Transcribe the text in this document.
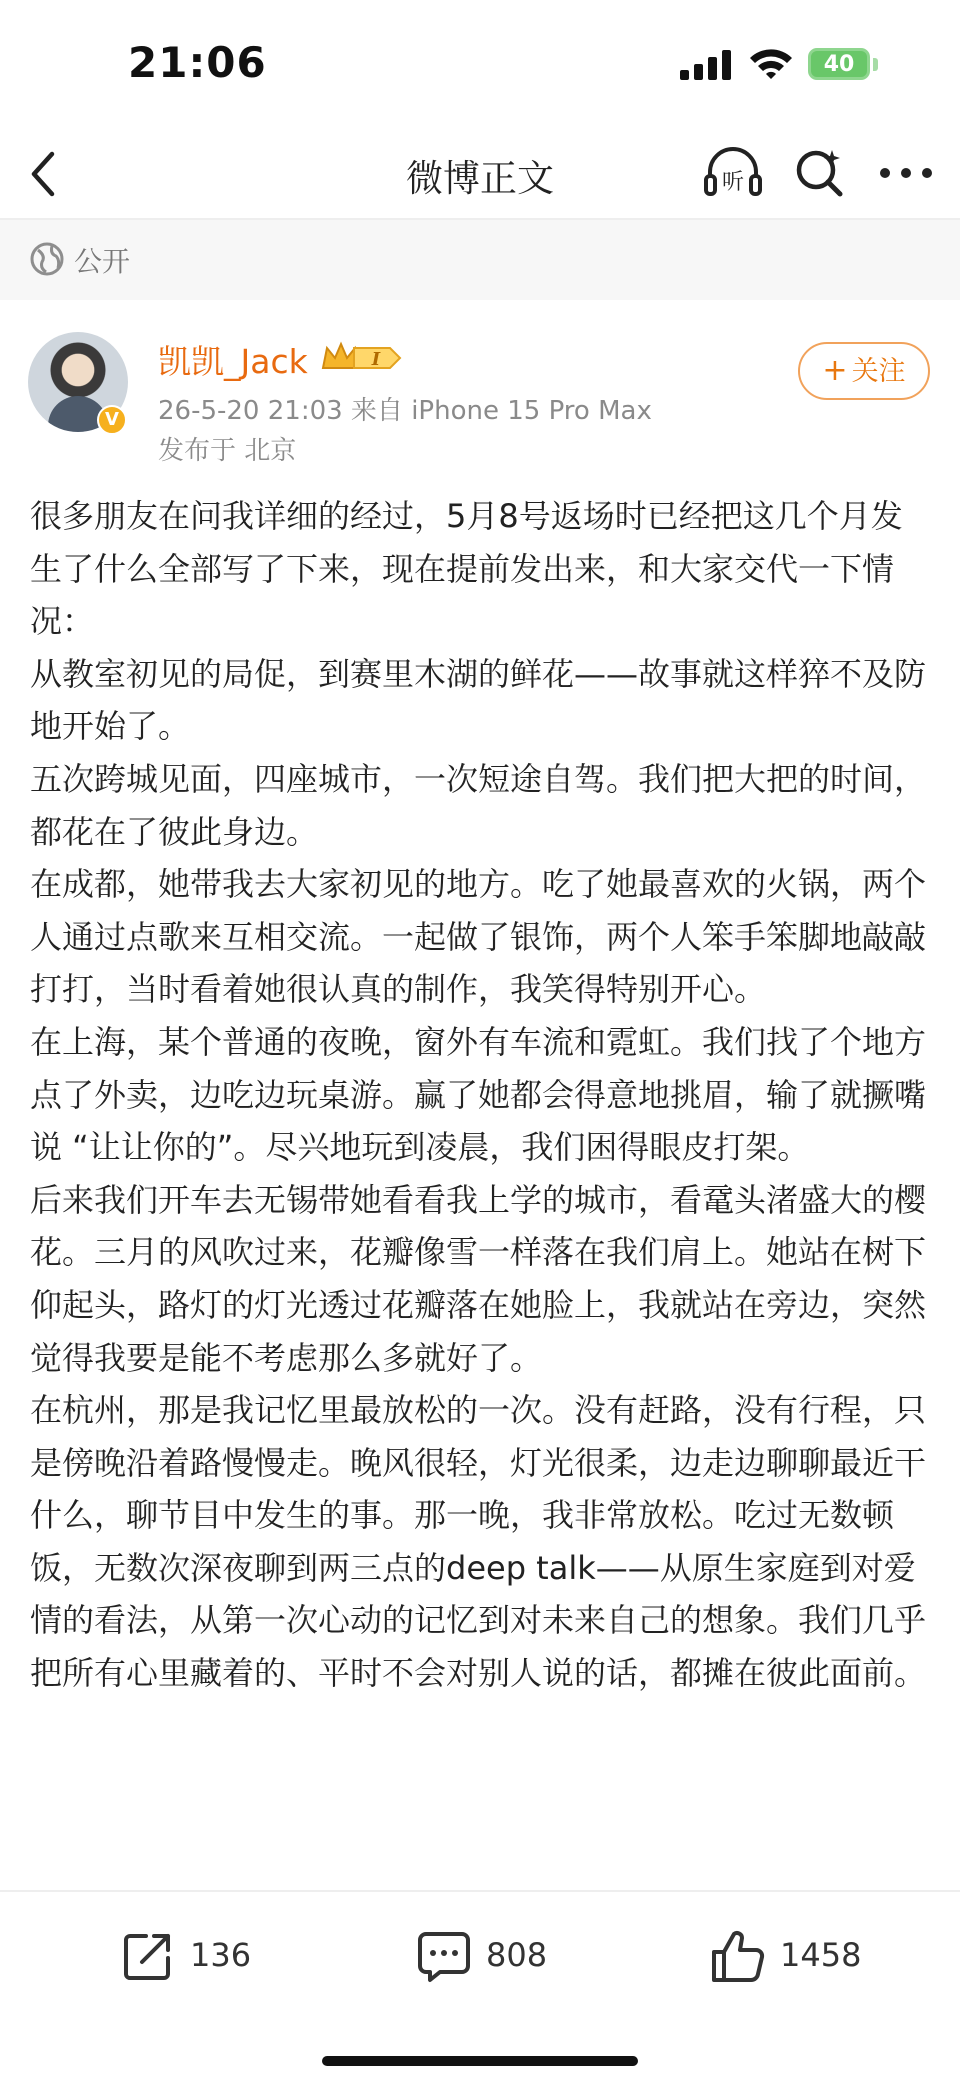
21:06	40
微博正文	听
公开
V
凯凯_Jack	I
26-5-20 21:03 来自 iPhone 15 Pro Max
发布于 北京
+ 关注

很多朋友在问我详细的经过，5月8号返场时已经把这几个月发生了什么全部写了下来，现在提前发出来，和大家交代一下情况：

从教室初见的局促，到赛里木湖的鲜花——故事就这样猝不及防地开始了。

五次跨城见面，四座城市，一次短途自驾。我们把大把的时间，都花在了彼此身边。

在成都，她带我去大家初见的地方。吃了她最喜欢的火锅，两个人通过点歌来互相交流。一起做了银饰，两个人笨手笨脚地敲敲打打，当时看着她很认真的制作，我笑得特别开心。

在上海，某个普通的夜晚，窗外有车流和霓虹。我们找了个地方点了外卖，边吃边玩桌游。赢了她都会得意地挑眉，输了就撅嘴说 “让让你的”。尽兴地玩到凌晨，我们困得眼皮打架。

后来我们开车去无锡带她看看我上学的城市，看鼋头渚盛大的樱花。三月的风吹过来，花瓣像雪一样落在我们肩上。她站在树下仰起头，路灯的灯光透过花瓣落在她脸上，我就站在旁边，突然觉得我要是能不考虑那么多就好了。

在杭州，那是我记忆里最放松的一次。没有赶路，没有行程，只是傍晚沿着路慢慢走。晚风很轻，灯光很柔，边走边聊聊最近干什么，聊节目中发生的事。那一晚，我非常放松。吃过无数顿饭，无数次深夜聊到两三点的deep talk——从原生家庭到对爱情的看法，从第一次心动的记忆到对未来自己的想象。我们几乎把所有心里藏着的、平时不会对别人说的话，都摊在彼此面前。

136	808	1458
